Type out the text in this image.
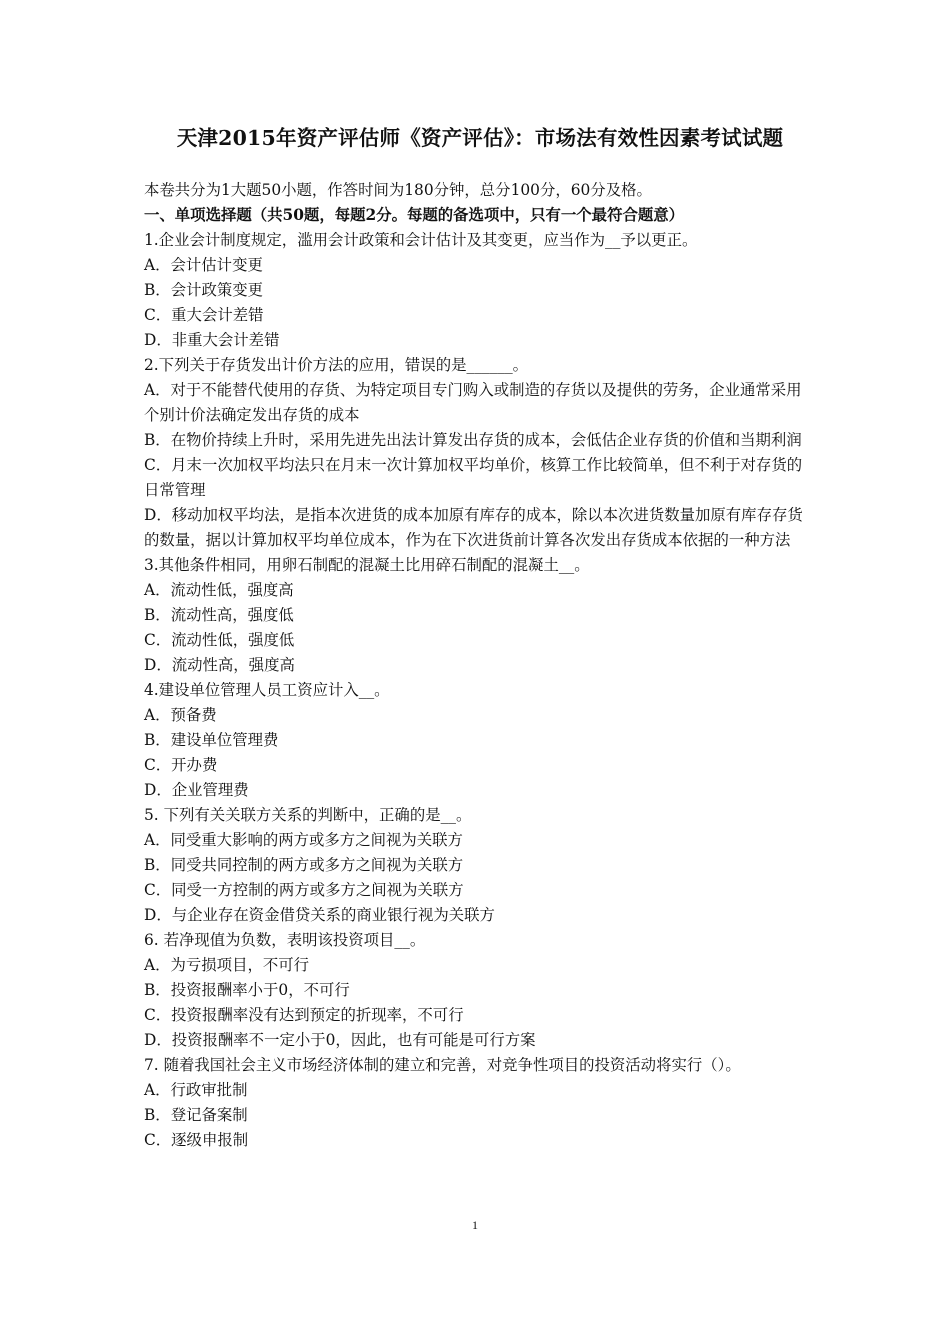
天津2015年资产评估师《资产评估》：市场法有效性因素考试试题

本卷共分为1大题50小题，作答时间为180分钟，总分100分，60分及格。

一、单项选择题（共50题，每题2分。每题的备选项中，只有一个最符合题意）

1.企业会计制度规定，滥用会计政策和会计估计及其变更，应当作为__予以更正。

A．会计估计变更

B．会计政策变更

C．重大会计差错

D．非重大会计差错

2.下列关于存货发出计价方法的应用，错误的是______。

A．对于不能替代使用的存货、为特定项目专门购入或制造的存货以及提供的劳务，企业通常采用个别计价法确定发出存货的成本

B．在物价持续上升时，采用先进先出法计算发出存货的成本，会低估企业存货的价值和当期利润

C．月末一次加权平均法只在月末一次计算加权平均单价，核算工作比较简单，但不利于对存货的日常管理

D．移动加权平均法，是指本次进货的成本加原有库存的成本，除以本次进货数量加原有库存存货的数量，据以计算加权平均单位成本，作为在下次进货前计算各次发出存货成本依据的一种方法

3.其他条件相同，用卵石制配的混凝土比用碎石制配的混凝土__。

A．流动性低，强度高

B．流动性高，强度低

C．流动性低，强度低

D．流动性高，强度高

4.建设单位管理人员工资应计入__。

A．预备费

B．建设单位管理费

C．开办费

D．企业管理费

5. 下列有关关联方关系的判断中，正确的是__。

A．同受重大影响的两方或多方之间视为关联方

B．同受共同控制的两方或多方之间视为关联方

C．同受一方控制的两方或多方之间视为关联方

D．与企业存在资金借贷关系的商业银行视为关联方

6. 若净现值为负数，表明该投资项目__。

A．为亏损项目，不可行

B．投资报酬率小于0，不可行

C．投资报酬率没有达到预定的折现率，不可行

D．投资报酬率不一定小于0，因此，也有可能是可行方案

7. 随着我国社会主义市场经济体制的建立和完善，对竞争性项目的投资活动将实行（）。

A．行政审批制

B．登记备案制

C．逐级申报制

1
